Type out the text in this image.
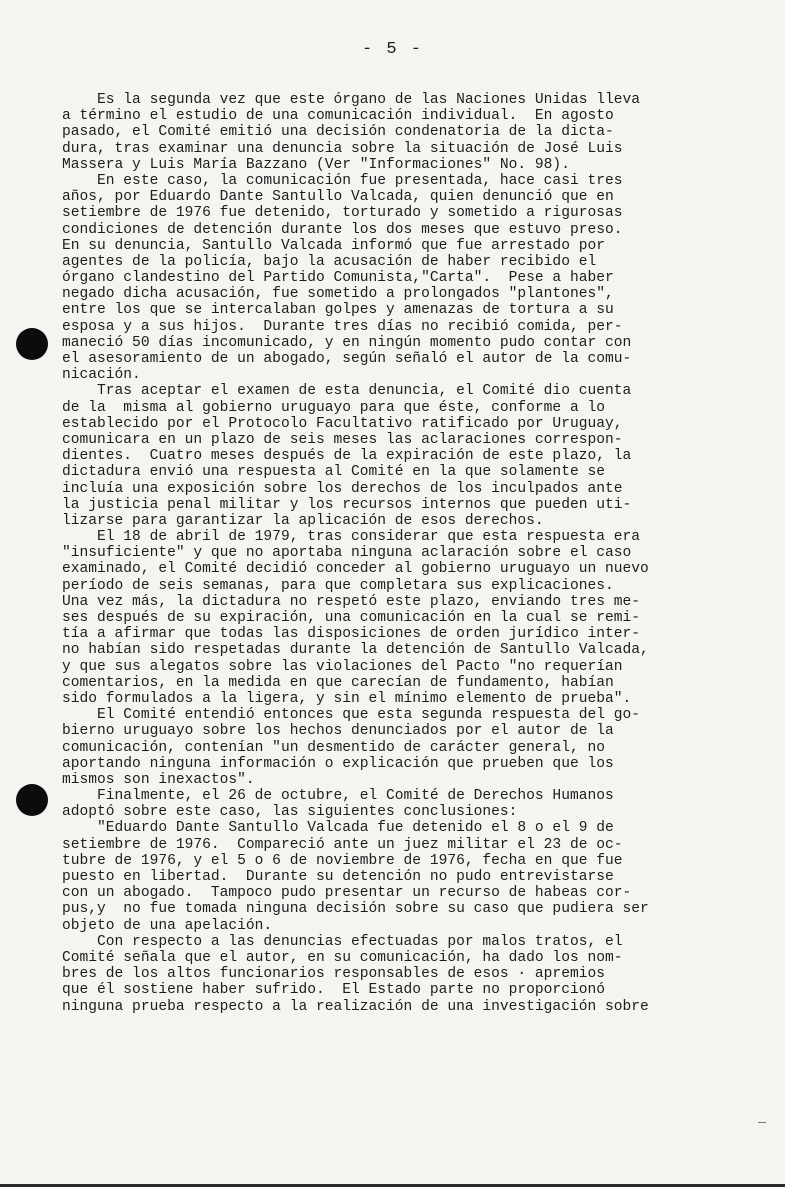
- 5 -
Es la segunda vez que este órgano de las Naciones Unidas lleva
a término el estudio de una comunicación individual.  En agosto
pasado, el Comité emitió una decisión condenatoria de la dicta-
dura, tras examinar una denuncia sobre la situación de José Luis
Massera y Luis María Bazzano (Ver "Informaciones" No. 98).
En este caso, la comunicación fue presentada, hace casi tres
años, por Eduardo Dante Santullo Valcada, quien denunció que en
setiembre de 1976 fue detenido, torturado y sometido a rigurosas
condiciones de detención durante los dos meses que estuvo preso.
En su denuncia, Santullo Valcada informó que fue arrestado por
agentes de la policía, bajo la acusación de haber recibido el
órgano clandestino del Partido Comunista,"Carta".  Pese a haber
negado dicha acusación, fue sometido a prolongados "plantones",
entre los que se intercalaban golpes y amenazas de tortura a su
esposa y a sus hijos.  Durante tres días no recibió comida, per-
maneció 50 días incomunicado, y en ningún momento pudo contar con
el asesoramiento de un abogado, según señaló el autor de la comu-
nicación.
Tras aceptar el examen de esta denuncia, el Comité dio cuenta
de la  misma al gobierno uruguayo para que éste, conforme a lo
establecido por el Protocolo Facultativo ratificado por Uruguay,
comunicara en un plazo de seis meses las aclaraciones correspon-
dientes.  Cuatro meses después de la expiración de este plazo, la
dictadura envió una respuesta al Comité en la que solamente se
incluía una exposición sobre los derechos de los inculpados ante
la justicia penal militar y los recursos internos que pueden uti-
lizarse para garantizar la aplicación de esos derechos.
El 18 de abril de 1979, tras considerar que esta respuesta era
"insuficiente" y que no aportaba ninguna aclaración sobre el caso
examinado, el Comité decidió conceder al gobierno uruguayo un nuevo
período de seis semanas, para que completara sus explicaciones.
Una vez más, la dictadura no respetó este plazo, enviando tres me-
ses después de su expiración, una comunicación en la cual se remi-
tía a afirmar que todas las disposiciones de orden jurídico inter-
no habían sido respetadas durante la detención de Santullo Valcada,
y que sus alegatos sobre las violaciones del Pacto "no requerían
comentarios, en la medida en que carecían de fundamento, habían
sido formulados a la ligera, y sin el mínimo elemento de prueba".
El Comité entendió entonces que esta segunda respuesta del go-
bierno uruguayo sobre los hechos denunciados por el autor de la
comunicación, contenían "un desmentido de carácter general, no
aportando ninguna información o explicación que prueben que los
mismos son inexactos".
Finalmente, el 26 de octubre, el Comité de Derechos Humanos
adoptó sobre este caso, las siguientes conclusiones:
"Eduardo Dante Santullo Valcada fue detenido el 8 o el 9 de
setiembre de 1976.  Compareció ante un juez militar el 23 de oc-
tubre de 1976, y el 5 o 6 de noviembre de 1976, fecha en que fue
puesto en libertad.  Durante su detención no pudo entrevistarse
con un abogado.  Tampoco pudo presentar un recurso de habeas cor-
pus,y  no fue tomada ninguna decisión sobre su caso que pudiera ser
objeto de una apelación.
Con respecto a las denuncias efectuadas por malos tratos, el
Comité señala que el autor, en su comunicación, ha dado los nom-
bres de los altos funcionarios responsables de esos · apremios
que él sostiene haber sufrido.  El Estado parte no proporcionó
ninguna prueba respecto a la realización de una investigación sobre
